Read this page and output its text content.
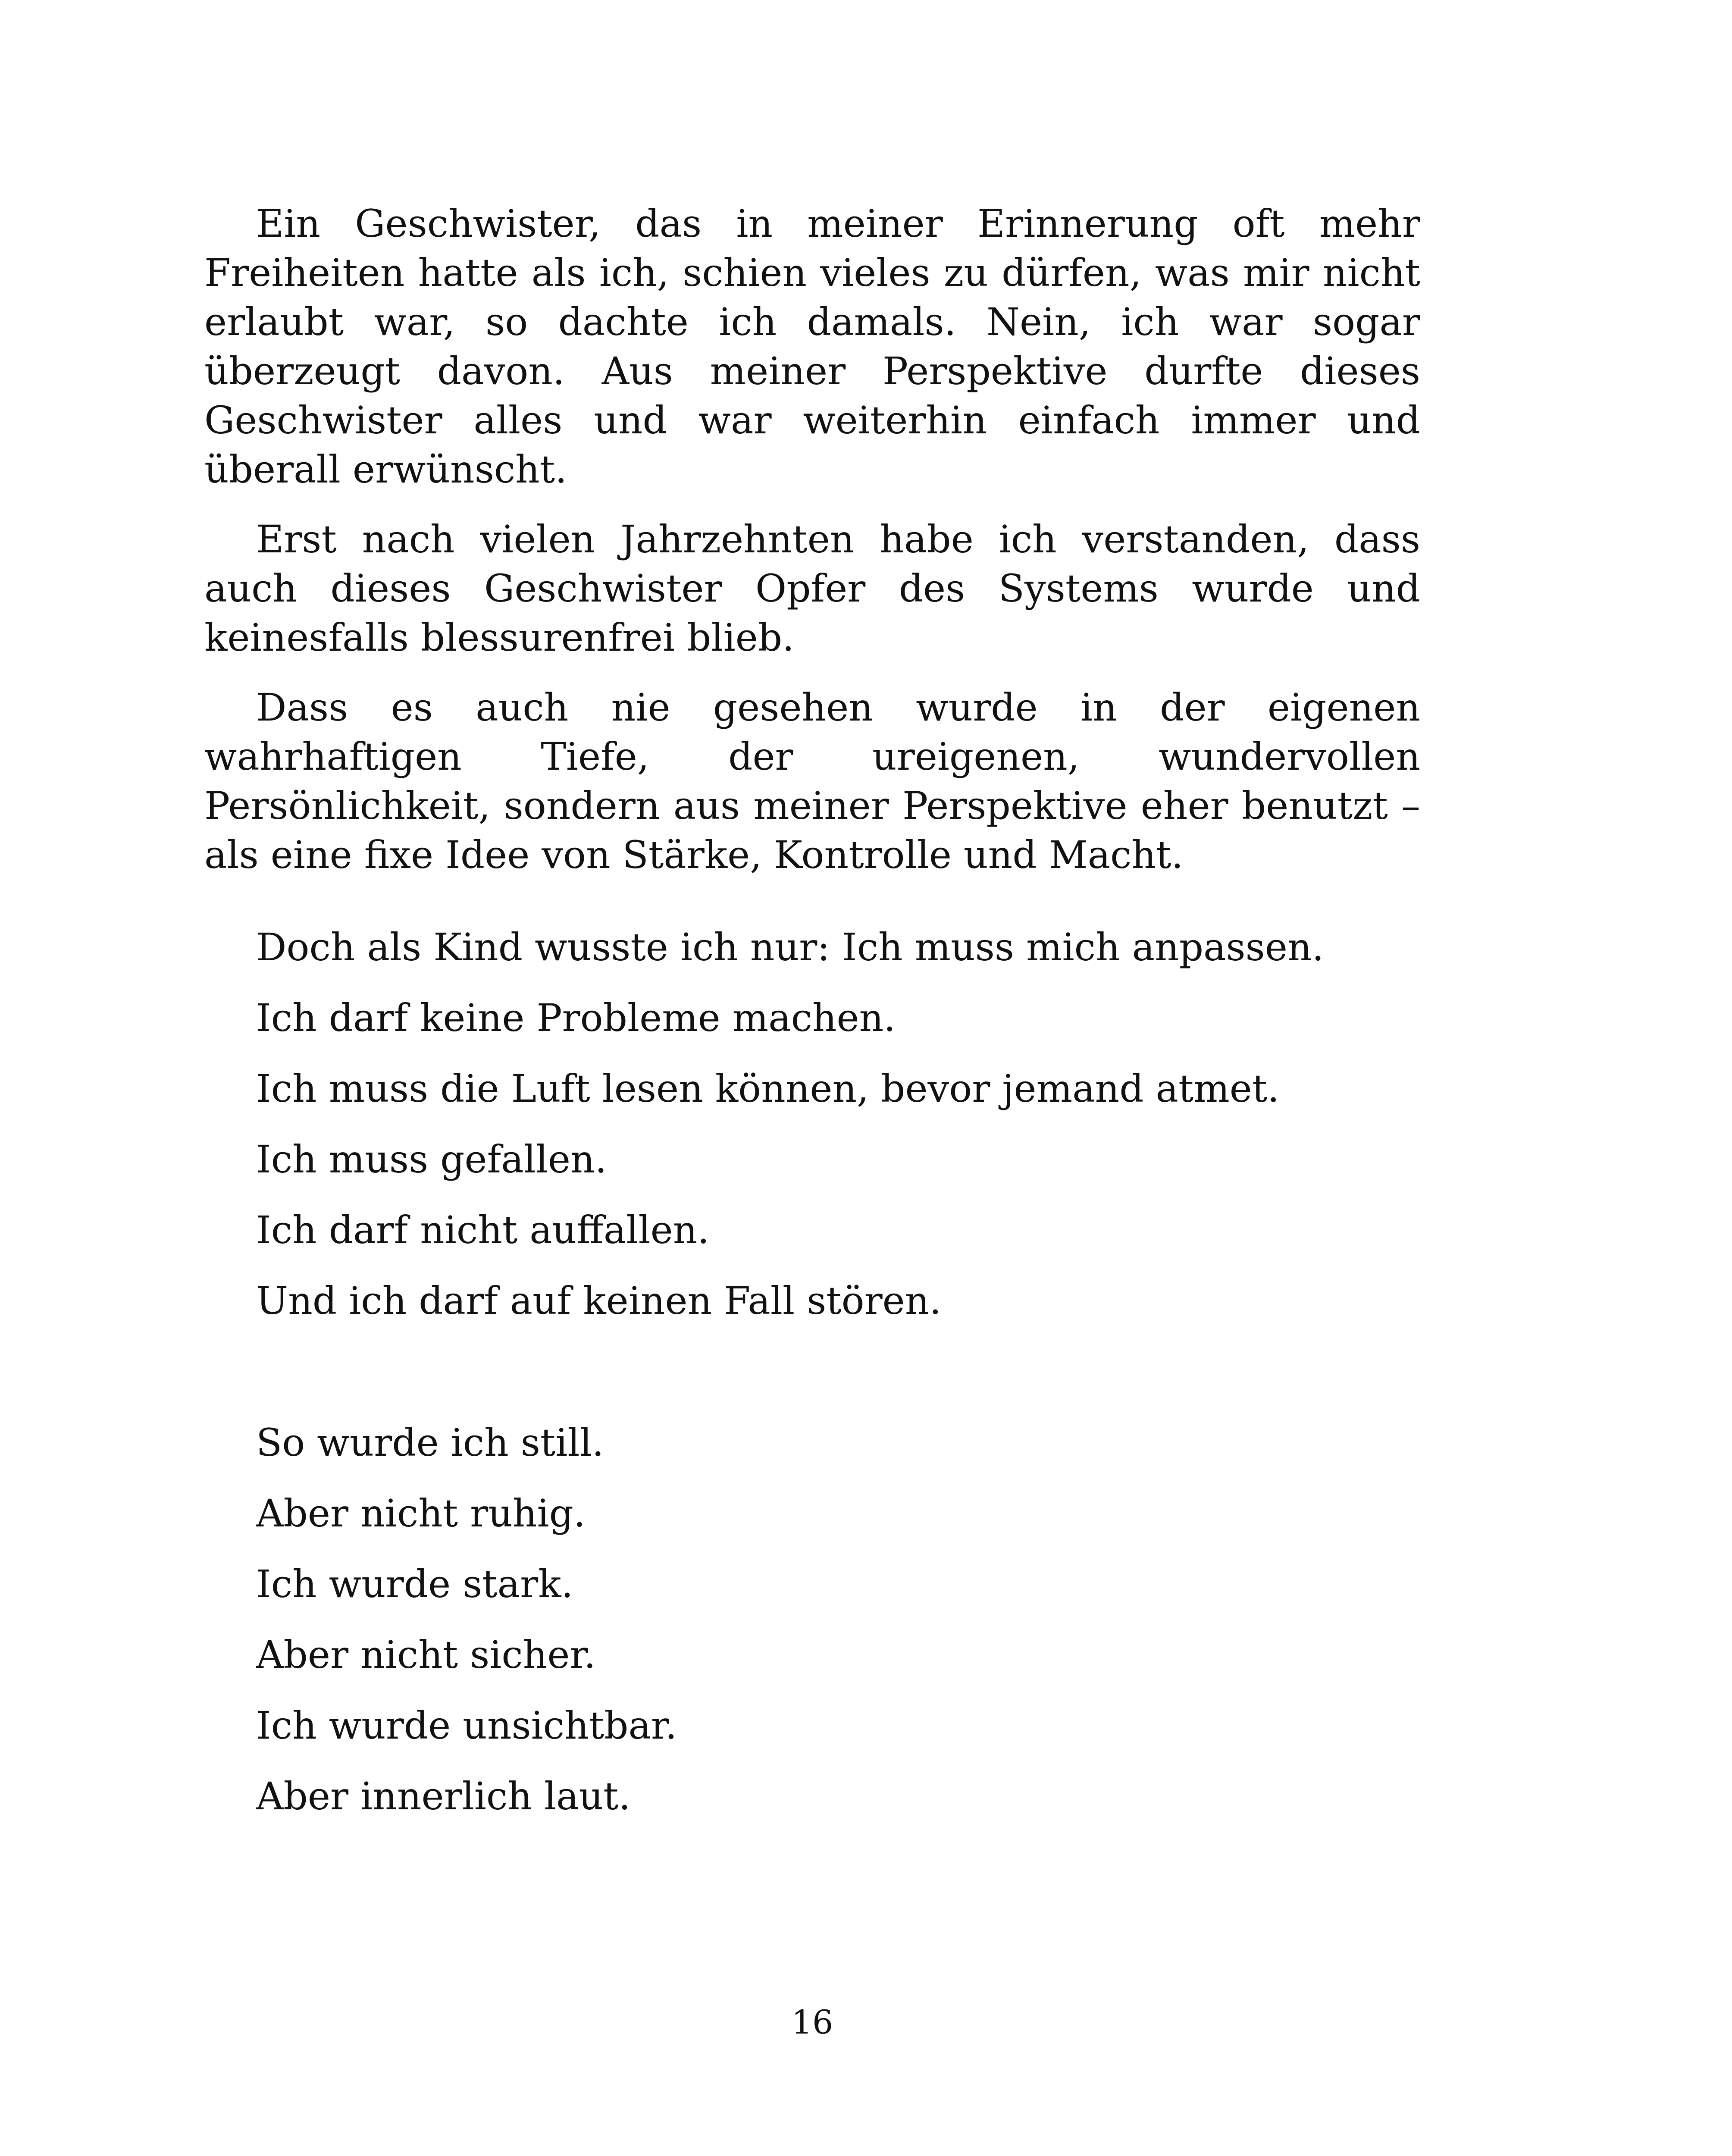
Ein Geschwister, das in meiner Erinnerung oft mehr Freiheiten hatte als ich, schien vieles zu dürfen, was mir nicht erlaubt war, so dachte ich damals. Nein, ich war sogar überzeugt davon. Aus meiner Perspektive durfte dieses Geschwister alles und war weiterhin einfach immer und überall erwünscht.

Erst nach vielen Jahrzehnten habe ich verstanden, dass auch dieses Geschwister Opfer des Systems wurde und keinesfalls blessurenfrei blieb.

Dass es auch nie gesehen wurde in der eigenen wahrhaftigen Tiefe, der ureigenen, wundervollen Persönlichkeit, sondern aus meiner Perspektive eher benutzt – als eine fixe Idee von Stärke, Kontrolle und Macht.

Doch als Kind wusste ich nur: Ich muss mich anpassen.

Ich darf keine Probleme machen.

Ich muss die Luft lesen können, bevor jemand atmet.

Ich muss gefallen.

Ich darf nicht auffallen.

Und ich darf auf keinen Fall stören.

So wurde ich still.

Aber nicht ruhig.

Ich wurde stark.

Aber nicht sicher.

Ich wurde unsichtbar.

Aber innerlich laut.

16
